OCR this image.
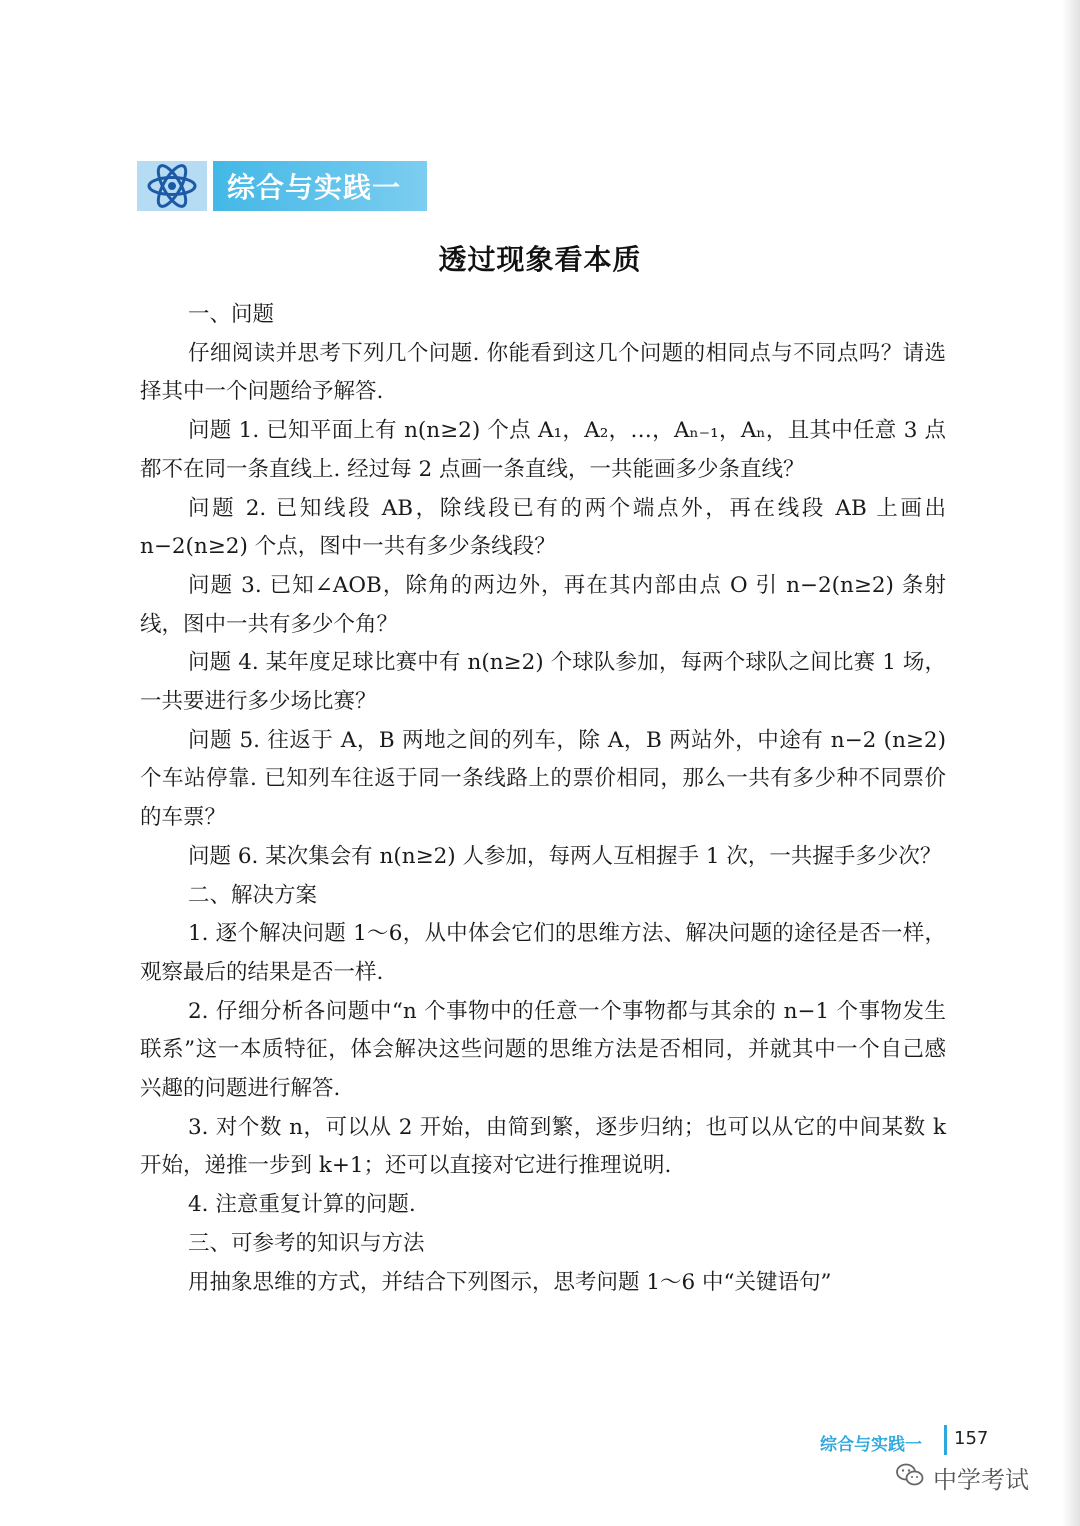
综合与实践一
透过现象看本质

一、问题

仔细阅读并思考下列几个问题. 你能看到这几个问题的相同点与不同点吗？请选择其中一个问题给予解答.

问题 1. 已知平面上有 n(n≥2) 个点 A₁，A₂，…，Aₙ₋₁，Aₙ，且其中任意 3 点都不在同一条直线上. 经过每 2 点画一条直线，一共能画多少条直线？

问题 2. 已知线段 AB，除线段已有的两个端点外，再在线段 AB 上画出 n−2(n≥2) 个点，图中一共有多少条线段？

问题 3. 已知∠AOB，除角的两边外，再在其内部由点 O 引 n−2(n≥2) 条射线，图中一共有多少个角？

问题 4. 某年度足球比赛中有 n(n≥2) 个球队参加，每两个球队之间比赛 1 场，一共要进行多少场比赛？

问题 5. 往返于 A，B 两地之间的列车，除 A，B 两站外，中途有 n−2 (n≥2) 个车站停靠. 已知列车往返于同一条线路上的票价相同，那么一共有多少种不同票价的车票？

问题 6. 某次集会有 n(n≥2) 人参加，每两人互相握手 1 次，一共握手多少次？

二、解决方案

1. 逐个解决问题 1～6，从中体会它们的思维方法、解决问题的途径是否一样，观察最后的结果是否一样.

2. 仔细分析各问题中“n 个事物中的任意一个事物都与其余的 n−1 个事物发生联系”这一本质特征，体会解决这些问题的思维方法是否相同，并就其中一个自己感兴趣的问题进行解答.

3. 对个数 n，可以从 2 开始，由简到繁，逐步归纳；也可以从它的中间某数 k 开始，递推一步到 k+1；还可以直接对它进行推理说明.

4. 注意重复计算的问题.

三、可参考的知识与方法

用抽象思维的方式，并结合下列图示，思考问题 1～6 中“关键语句”

综合与实践一 157
中学考试
